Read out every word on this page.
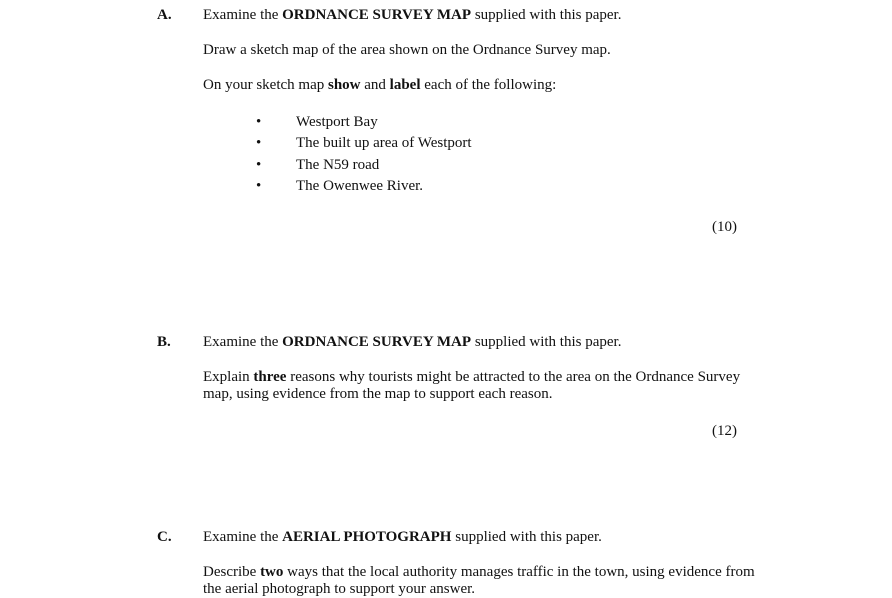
A. Examine the ORDNANCE SURVEY MAP supplied with this paper.
Draw a sketch map of the area shown on the Ordnance Survey map.
On your sketch map show and label each of the following:
• Westport Bay
• The built up area of Westport
• The N59 road
• The Owenwee River.
(10)
B. Examine the ORDNANCE SURVEY MAP supplied with this paper.
Explain three reasons why tourists might be attracted to the area on the Ordnance Survey map, using evidence from the map to support each reason.
(12)
C. Examine the AERIAL PHOTOGRAPH supplied with this paper.
Describe two ways that the local authority manages traffic in the town, using evidence from the aerial photograph to support your answer.
